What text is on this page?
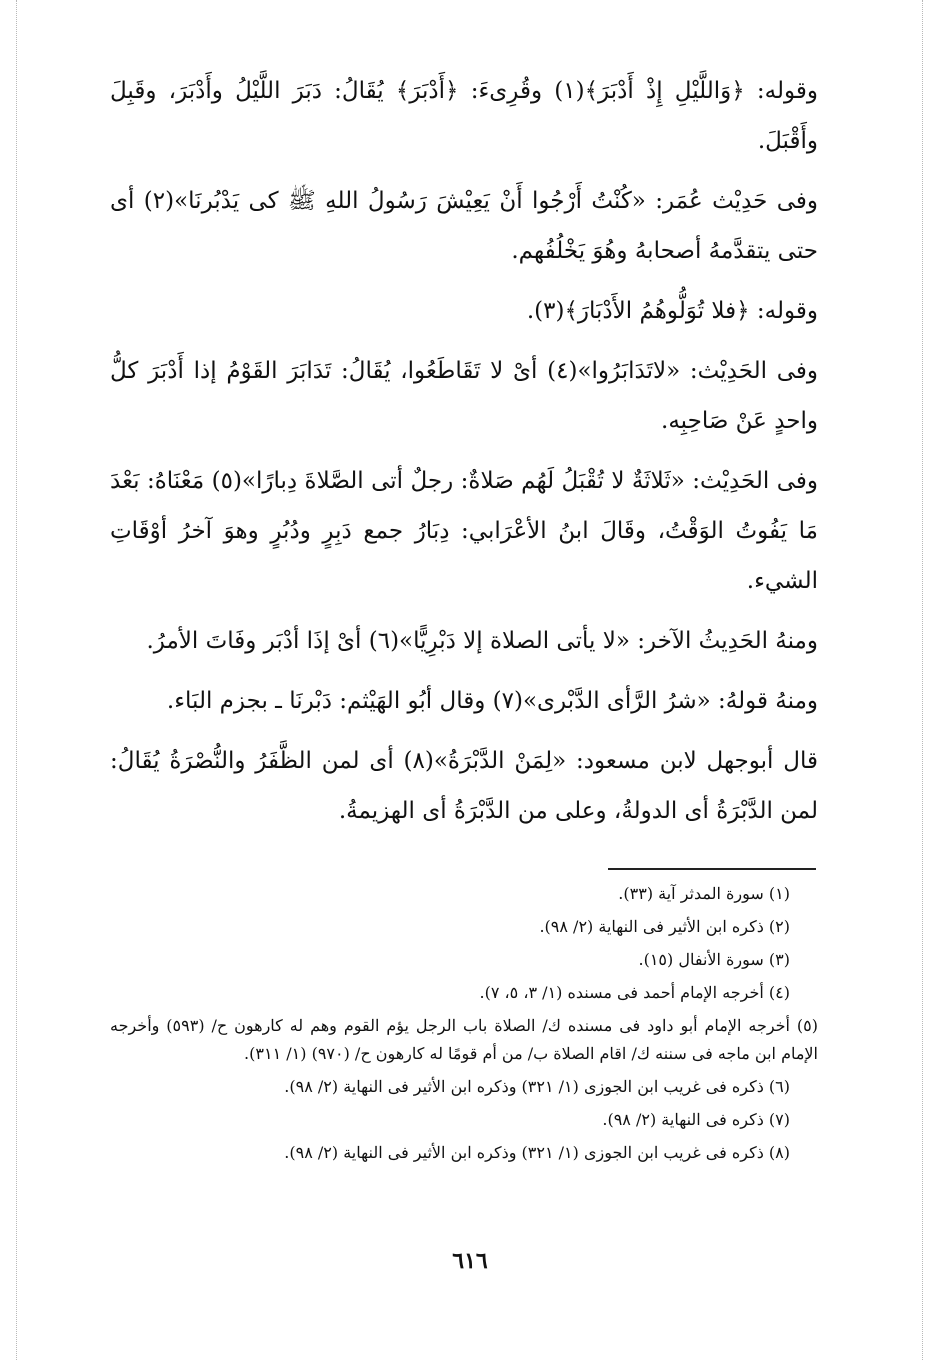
وقوله: ﴿وَاللَّيْلِ إِذْ أَدْبَرَ﴾(١) وقُرِىءَ: ﴿أَدْبَرَ﴾ يُقَالُ: دَبَرَ اللَّيْلُ وأَدْبَرَ، وقَبِلَ وأَقْبَلَ.

وفى حَدِيْث عُمَر: «كُنْتُ أَرْجُوا أَنْ يَعِيْشَ رَسُولُ اللهِ ﷺ كى يَدْبُرنَا»(٢) أى حتى يتقدَّمهُ أصحابهُ وهُوَ يَخْلُفُهم.

وقوله: ﴿فلا تُوَلُّوهُمُ الأَدْبَارَ﴾(٣).

وفى الحَدِيْث: «لاتَدَابَرُوا»(٤) أىْ لا تَقَاطَعُوا، يُقَالُ: تَدَابَرَ القَوْمُ إذا أَدْبَرَ كلُّ واحدٍ عَنْ صَاحِبِه.

وفى الحَدِيْث: «ثَلاثَةٌ لا تُقْبَلُ لَهُم صَلاةٌ: رجلٌ أتى الصَّلاةَ دِبارًا»(٥) مَعْنَاهُ: بَعْدَ مَا يَفُوتُ الوَقْتُ، وقَالَ ابنُ الأعْرَابي: دِبَارُ جمع دَبِرٍ ودُبُرٍ وهوَ آخرُ أوْقَاتِ الشيء.

ومنهُ الحَدِيثُ الآخر: «لا يأتى الصلاة إلا دَبْرِيًّا»(٦) أىْ إذَا أدْبَر وفَاتَ الأمرُ.

ومنهُ قولهُ: «شرُ الرَّأى الدَّبْرى»(٧) وقال أبُو الهَيْثم: دَبْرنَا ـ بجزم البَاء.

قال أبوجهل لابن مسعود: «لِمَنْ الدَّبْرَةُ»(٨) أى لمن الظَّفَرُ والنُّصْرَةُ يُقَالُ: لمن الدَّبْرَةُ أى الدولةُ، وعلى من الدَّبْرَةُ أى الهزيمةُ.

(١) سورة المدثر آية (٣٣).

(٢) ذكره ابن الأثير فى النهاية (٢/ ٩٨).

(٣) سورة الأنفال (١٥).

(٤) أخرجه الإمام أحمد فى مسنده (١/ ٣، ٥، ٧).

(٥) أخرجه الإمام أبو داود فى مسنده ك/ الصلاة باب الرجل يؤم القوم وهم له كارهون ح/ (٥٩٣) وأخرجه الإمام ابن ماجه فى سننه ك/ اقام الصلاة ب/ من أم قومًا له كارهون ح/ (٩٧٠) (١/ ٣١١).

(٦) ذكره فى غريب ابن الجوزى (١/ ٣٢١) وذكره ابن الأثير فى النهاية (٢/ ٩٨).

(٧) ذكره فى النهاية (٢/ ٩٨).

(٨) ذكره فى غريب ابن الجوزى (١/ ٣٢١) وذكره ابن الأثير فى النهاية (٢/ ٩٨).

٦١٦
